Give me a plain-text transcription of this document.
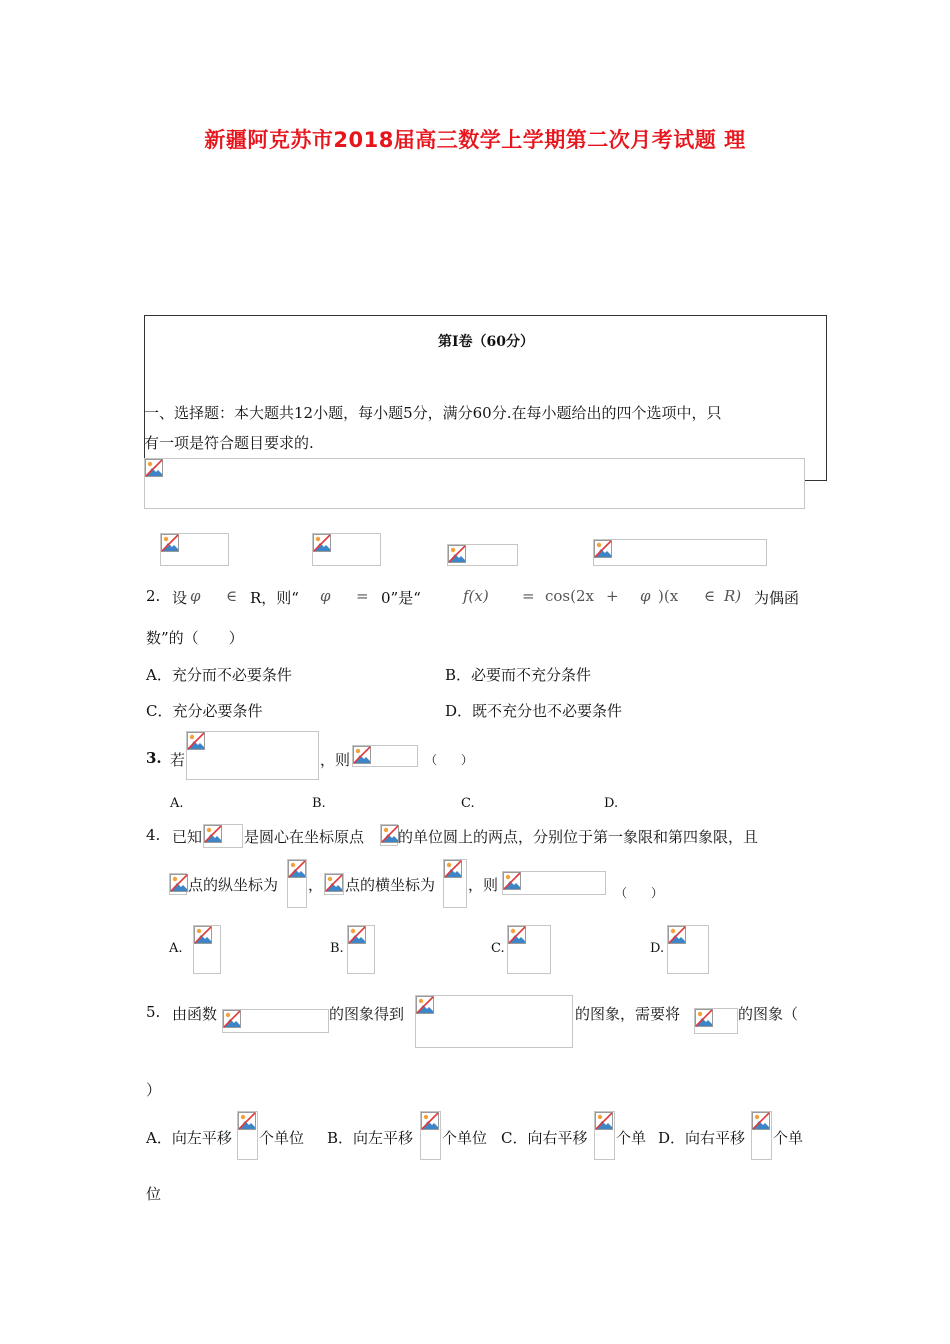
新疆阿克苏市2018届高三数学上学期第二次月考试题 理
第Ⅰ卷（60分）
一、选择题：本大题共12小题，每小题5分，满分60分.在每小题给出的四个选项中，只
有一项是符合题目要求的.
2. 设 φ ∈ R，则“ φ = 0”是“	f(x) = cos(2x + φ )(x ∈ R) 为偶函
数”的（　　）
A．充分而不必要条件	B．必要而不充分条件
C．充分必要条件	D．既不充分也不必要条件
3. 若	，则	（　　）
A.	B.	C.	D.
4. 已知	是圆心在坐标原点 的单位圆上的两点，分别位于第一象限和第四象限，且
点的纵坐标为 ， 点的横坐标为 ，则	（　　）
A.	B.	C.	D.
5. 由函数	的图象得到	的图象，需要将	的图象（
）
A．向左平移 个单位 B．向左平移 个单位 C．向右平移 个单 D．向右平移 个单
位
